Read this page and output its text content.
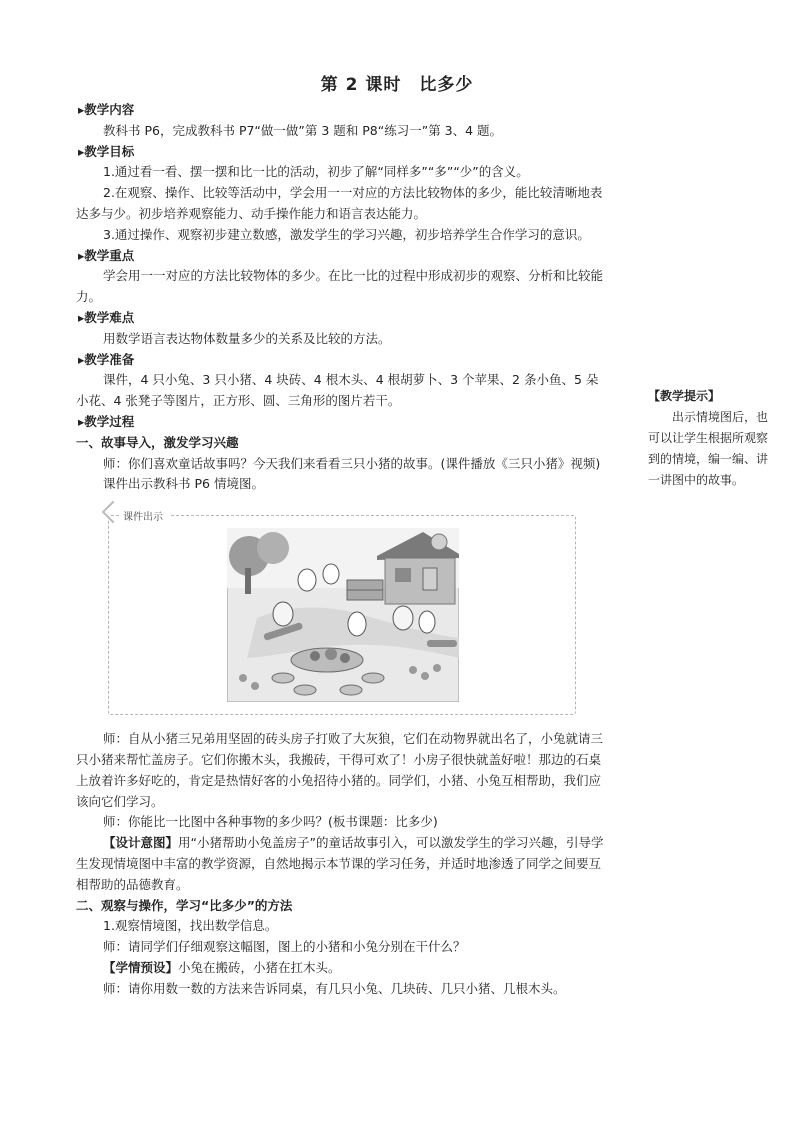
第 2 课时　比多少

▸教学内容

教科书 P6，完成教科书 P7“做一做”第 3 题和 P8“练习一”第 3、4 题。

▸教学目标

1.通过看一看、摆一摆和比一比的活动，初步了解“同样多”“多”“少”的含义。

2.在观察、操作、比较等活动中，学会用一一对应的方法比较物体的多少，能比较清晰地表达多与少。初步培养观察能力、动手操作能力和语言表达能力。

3.通过操作、观察初步建立数感，激发学生的学习兴趣，初步培养学生合作学习的意识。

▸教学重点

学会用一一对应的方法比较物体的多少。在比一比的过程中形成初步的观察、分析和比较能力。

▸教学难点

用数学语言表达物体数量多少的关系及比较的方法。

▸教学准备

课件，4 只小兔、3 只小猪、4 块砖、4 根木头、4 根胡萝卜、3 个苹果、2 条小鱼、5 朵小花、4 张凳子等图片，正方形、圆、三角形的图片若干。

▸教学过程

一、故事导入，激发学习兴趣

师：你们喜欢童话故事吗？今天我们来看看三只小猪的故事。(课件播放《三只小猪》视频)

课件出示教科书 P6 情境图。

课件出示

师：自从小猪三兄弟用坚固的砖头房子打败了大灰狼，它们在动物界就出名了，小兔就请三只小猪来帮忙盖房子。它们你搬木头，我搬砖，干得可欢了！小房子很快就盖好啦！那边的石桌上放着许多好吃的，肯定是热情好客的小兔招待小猪的。同学们，小猪、小兔互相帮助，我们应该向它们学习。

师：你能比一比图中各种事物的多少吗？(板书课题：比多少)

【设计意图】用“小猪帮助小兔盖房子”的童话故事引入，可以激发学生的学习兴趣，引导学生发现情境图中丰富的教学资源，自然地揭示本节课的学习任务，并适时地渗透了同学之间要互相帮助的品德教育。

二、观察与操作，学习“比多少”的方法

1.观察情境图，找出数学信息。

师：请同学们仔细观察这幅图，图上的小猪和小兔分别在干什么？

【学情预设】小兔在搬砖，小猪在扛木头。

师：请你用数一数的方法来告诉同桌，有几只小兔、几块砖、几只小猪、几根木头。

【教学提示】

出示情境图后，也可以让学生根据所观察到的情境，编一编、讲一讲图中的故事。
